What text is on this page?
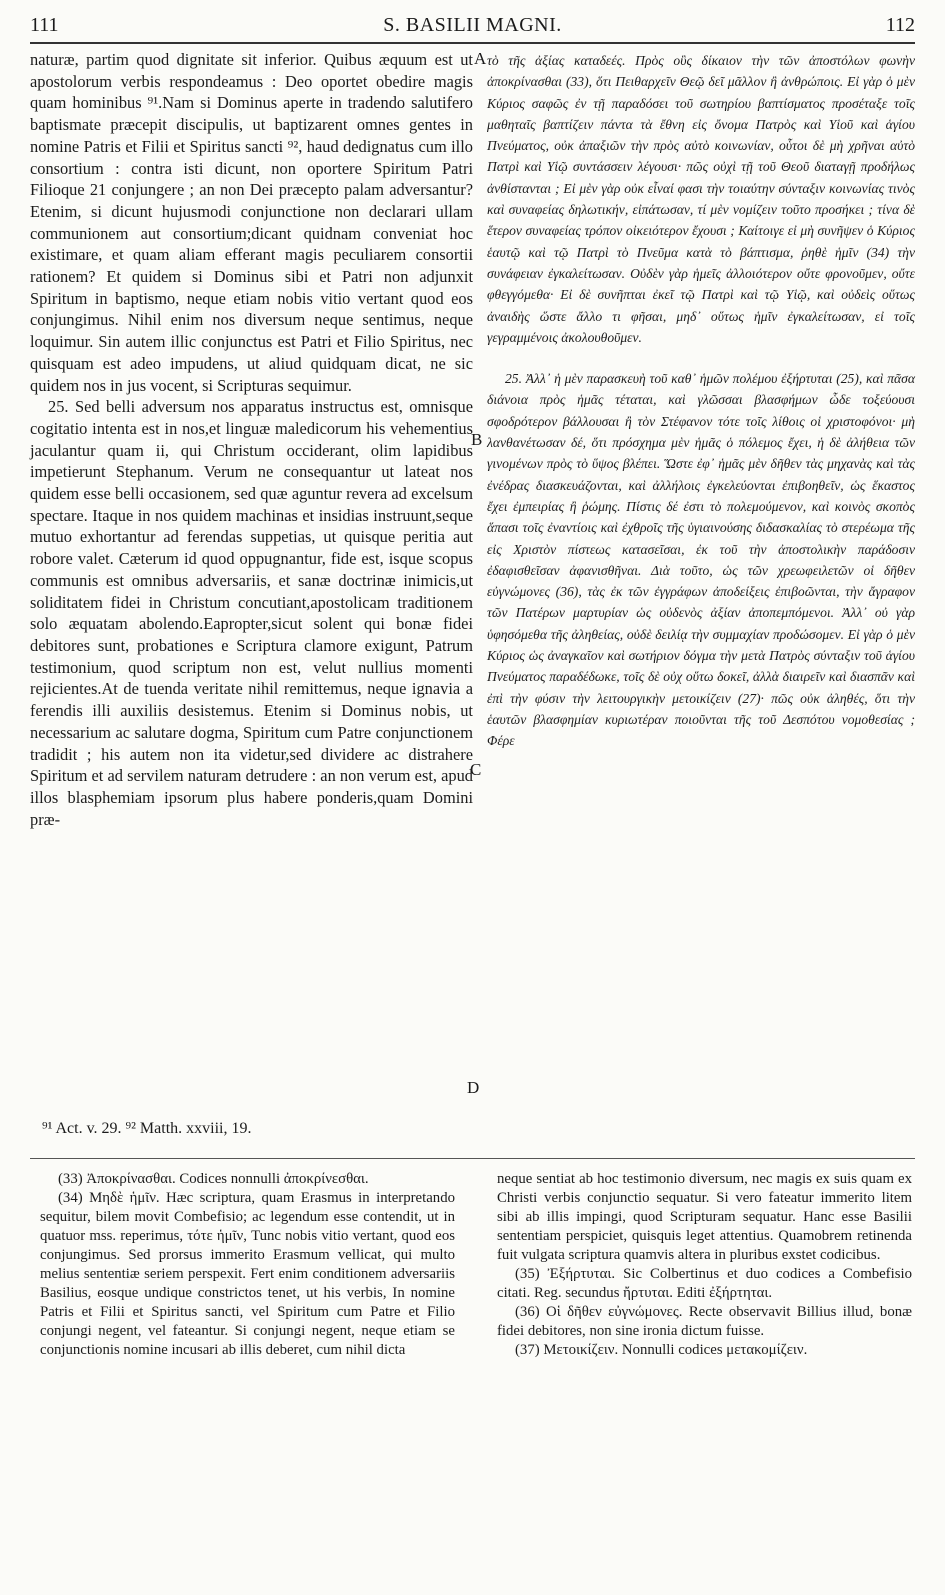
111	S. BASILII MAGNI.	112

naturæ, partim quod dignitate sit inferior. Quibus æquum est ut apostolorum verbis respondeamus : Deo oportet obedire magis quam hominibus ⁹¹.Nam si Dominus aperte in tradendo salutifero baptismate præcepit discipulis, ut baptizarent omnes gentes in nomine Patris et Filii et Spiritus sancti ⁹², haud dedignatus cum illo consortium : contra isti dicunt, non oportere Spiritum Patri Filioque 21 conjungere ; an non Dei præcepto palam adversantur? Etenim, si dicunt hujusmodi conjunctione non declarari ullam communionem aut consortium;dicant quidnam conveniat hoc existimare, et quam aliam efferant magis peculiarem consortii rationem? Et quidem si Dominus sibi et Patri non adjunxit Spiritum in baptismo, neque etiam nobis vitio vertant quod eos conjungimus. Nihil enim nos diversum neque sentimus, neque loquimur. Sin autem illic conjunctus est Patri et Filio Spiritus, nec quisquam est adeo impudens, ut aliud quidquam dicat, ne sic quidem nos in jus vocent, si Scripturas sequimur.

25. Sed belli adversum nos apparatus instructus est, omnisque cogitatio intenta est in nos,et linguæ maledicorum his vehementius jaculantur quam ii, qui Christum occiderant, olim lapidibus impetierunt Stephanum. Verum ne consequantur ut lateat nos quidem esse belli occasionem, sed quæ aguntur revera ad excelsum spectare. Itaque in nos quidem machinas et insidias instruunt,seque mutuo exhortantur ad ferendas suppetias, ut quisque peritia aut robore valet. Cæterum id quod oppugnantur, fide est, isque scopus communis est omnibus adversariis, et sanæ doctrinæ inimicis,ut soliditatem fidei in Christum concutiant,apostolicam traditionem solo æquatam abolendo.Eapropter,sicut solent qui bonæ fidei debitores sunt, probationes e Scriptura clamore exigunt, Patrum testimonium, quod scriptum non est, velut nullius momenti rejicientes.At de tuenda veritate nihil remittemus, neque ignavia a ferendis illi auxiliis desistemus. Etenim si Dominus nobis, ut necessarium ac salutare dogma, Spiritum cum Patre conjunctionem tradidit ; his autem non ita videtur,sed dividere ac distrahere Spiritum et ad servilem naturam detrudere : an non verum est, apud illos blasphemiam ipsorum plus habere ponderis,quam Domini præ-

A
B
C
D

τὸ τῆς ἀξίας καταδεές. Πρὸς οὓς δίκαιον τὴν τῶν ἀποστόλων φωνὴν ἀποκρίνασθαι (33), ὅτι Πειθαρχεῖν Θεῷ δεῖ μᾶλλον ἢ ἀνθρώποις. Εἰ γὰρ ὁ μὲν Κύριος σαφῶς ἐν τῇ παραδόσει τοῦ σωτηρίου βαπτίσματος προσέταξε τοῖς μαθηταῖς βαπτίζειν πάντα τὰ ἔθνη εἰς ὄνομα Πατρὸς καὶ Υἱοῦ καὶ ἁγίου Πνεύματος, οὐκ ἀπαξιῶν τὴν πρὸς αὐτὸ κοινωνίαν, οὗτοι δὲ μὴ χρῆναι αὐτὸ Πατρὶ καὶ Υἱῷ συντάσσειν λέγουσι· πῶς οὐχὶ τῇ τοῦ Θεοῦ διαταγῇ προδήλως ἀνθίστανται ; Εἰ μὲν γὰρ οὐκ εἶναί φασι τὴν τοιαύτην σύνταξιν κοινωνίας τινὸς καὶ συναφείας δηλωτικήν, εἰπάτωσαν, τί μὲν νομίζειν τοῦτο προσήκει ; τίνα δὲ ἕτερον συναφείας τρόπον οἰκειότερον ἔχουσι ; Καίτοιγε εἰ μὴ συνῆψεν ὁ Κύριος ἑαυτῷ καὶ τῷ Πατρὶ τὸ Πνεῦμα κατὰ τὸ βάπτισμα, ῥηθὲ ἡμῖν (34) τὴν συνάφειαν ἐγκαλείτωσαν. Οὐδὲν γὰρ ἡμεῖς ἀλλοιότερον οὔτε φρονοῦμεν, οὔτε φθεγγόμεθα· Εἰ δὲ συνῆπται ἐκεῖ τῷ Πατρὶ καὶ τῷ Υἱῷ, καὶ οὐδεὶς οὕτως ἀναιδὴς ὥστε ἄλλο τι φῆσαι, μηδ᾽ οὕτως ἡμῖν ἐγκαλείτωσαν, εἰ τοῖς γεγραμμένοις ἀκολουθοῦμεν.

25. Ἀλλ᾽ ἡ μὲν παρασκευὴ τοῦ καθ᾽ ἡμῶν πολέμου ἐξήρτυται (25), καὶ πᾶσα διάνοια πρὸς ἡμᾶς τέταται, καὶ γλῶσσαι βλασφήμων ὧδε τοξεύουσι σφοδρότερον βάλλουσαι ἢ τὸν Στέφανον τότε τοῖς λίθοις οἱ χριστοφόνοι· μὴ λανθανέτωσαν δέ, ὅτι πρόσχημα μὲν ἡμᾶς ὁ πόλεμος ἔχει, ἡ δὲ ἀλήθεια τῶν γινομένων πρὸς τὸ ὕψος βλέπει. Ὥστε ἐφ᾽ ἡμᾶς μὲν δῆθεν τὰς μηχανὰς καὶ τὰς ἐνέδρας διασκευάζονται, καὶ ἀλλήλοις ἐγκελεύονται ἐπιβοηθεῖν, ὡς ἕκαστος ἔχει ἐμπειρίας ἢ ῥώμης. Πίστις δέ ἐστι τὸ πολεμούμενον, καὶ κοινὸς σκοπὸς ἅπασι τοῖς ἐναντίοις καὶ ἐχθροῖς τῆς ὑγιαινούσης διδασκαλίας τὸ στερέωμα τῆς εἰς Χριστὸν πίστεως κατασεῖσαι, ἐκ τοῦ τὴν ἀποστολικὴν παράδοσιν ἐδαφισθεῖσαν ἀφανισθῆναι. Διὰ τοῦτο, ὡς τῶν χρεωφειλετῶν οἱ δῆθεν εὐγνώμονες (36), τὰς ἐκ τῶν ἐγγράφων ἀποδείξεις ἐπιβοῶνται, τὴν ἄγραφον τῶν Πατέρων μαρτυρίαν ὡς οὐδενὸς ἀξίαν ἀποπεμπόμενοι. Ἀλλ᾽ οὐ γὰρ ὑφησόμεθα τῆς ἀληθείας, οὐδὲ δειλίᾳ τὴν συμμαχίαν προδώσομεν. Εἰ γὰρ ὁ μὲν Κύριος ὡς ἀναγκαῖον καὶ σωτήριον δόγμα τὴν μετὰ Πατρὸς σύνταξιν τοῦ ἁγίου Πνεύματος παραδέδωκε, τοῖς δὲ οὐχ οὕτω δοκεῖ, ἀλλὰ διαιρεῖν καὶ διασπᾶν καὶ ἐπὶ τὴν φύσιν τὴν λειτουργικὴν μετοικίζειν (27)· πῶς οὐκ ἀληθές, ὅτι τὴν ἑαυτῶν βλασφημίαν κυριωτέραν ποιοῦνται τῆς τοῦ Δεσπότου νομοθεσίας ; Φέρε

⁹¹ Act. v. 29. ⁹² Matth. xxviii, 19.

(33) Ἀποκρίνασθαι. Codices nonnulli ἀποκρίνεσθαι.

(34) Μηδὲ ἡμῖν. Hæc scriptura, quam Erasmus in interpretando sequitur, bilem movit Combefisio; ac legendum esse contendit, ut in quatuor mss. reperimus, τότε ἡμῖν, Tunc nobis vitio vertant, quod eos conjungimus. Sed prorsus immerito Erasmum vellicat, qui multo melius sententiæ seriem perspexit. Fert enim conditionem adversariis Basilius, eosque undique constrictos tenet, ut his verbis, In nomine Patris et Filii et Spiritus sancti, vel Spiritum cum Patre et Filio conjungi negent, vel fateantur. Si conjungi negent, neque etiam se conjunctionis nomine incusari ab illis deberet, cum nihil dicta

neque sentiat ab hoc testimonio diversum, nec magis ex suis quam ex Christi verbis conjunctio sequatur. Si vero fateatur immerito litem sibi ab illis impingi, quod Scripturam sequatur. Hanc esse Basilii sententiam perspiciet, quisquis leget attentius. Quamobrem retinenda fuit vulgata scriptura quamvis altera in pluribus exstet codicibus.

(35) Ἐξήρτυται. Sic Colbertinus et duo codices a Combefisio citati. Reg. secundus ἤρτυται. Editi ἐξήρτηται.

(36) Οἱ δῆθεν εὐγνώμονες. Recte observavit Billius illud, bonæ fidei debitores, non sine ironia dictum fuisse.

(37) Μετοικίζειν. Nonnulli codices μετακομίζειν.
